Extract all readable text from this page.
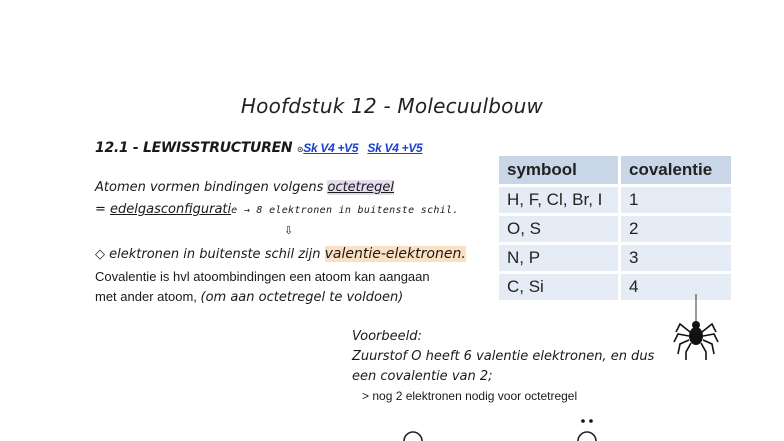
Hoofdstuk 12 - Molecuulbouw
12.1 - LEWISSTRUCTUREN ⊙Sk V4 +V5 Sk V4 +V5
Atomen vormen bindingen volgens octetregel
= edelgasconfiguratie → 8 elektronen in buitenste schil.
⇩
◇ elektronen in buitenste schil zijn valentie-elektronen.
Covalentie is hvl atoombindingen een atoom kan aangaan
met ander atoom, (om aan octetregel te voldoen)
symbool	covalentie
H, F, Cl, Br, I	1
O, S	2
N, P	3
C, Si	4
Voorbeeld:
Zuurstof O heeft 6 valentie elektronen, en dus
een covalentie van 2;
> nog 2 elektronen nodig voor octetregel
